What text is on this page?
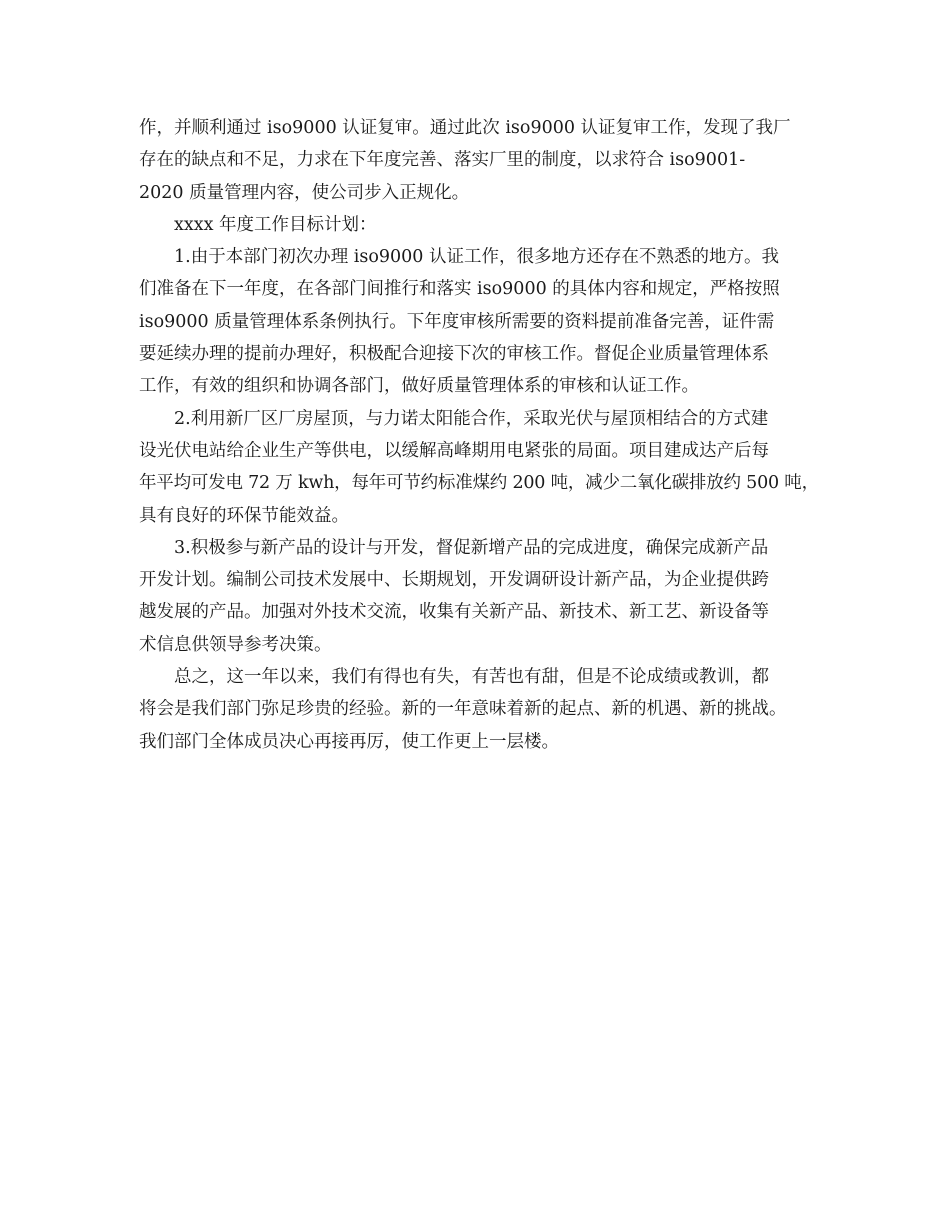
作，并顺利通过 iso9000 认证复审。通过此次 iso9000 认证复审工作，发现了我厂
存在的缺点和不足，力求在下年度完善、落实厂里的制度，以求符合 iso9001-
2020 质量管理内容，使公司步入正规化。

xxxx 年度工作目标计划：

1.由于本部门初次办理 iso9000 认证工作，很多地方还存在不熟悉的地方。我
们准备在下一年度，在各部门间推行和落实 iso9000 的具体内容和规定，严格按照
iso9000 质量管理体系条例执行。下年度审核所需要的资料提前准备完善，证件需
要延续办理的提前办理好，积极配合迎接下次的审核工作。督促企业质量管理体系
工作，有效的组织和协调各部门，做好质量管理体系的审核和认证工作。

2.利用新厂区厂房屋顶，与力诺太阳能合作，采取光伏与屋顶相结合的方式建
设光伏电站给企业生产等供电，以缓解高峰期用电紧张的局面。项目建成达产后每
年平均可发电 72 万 kwh，每年可节约标准煤约 200 吨，减少二氧化碳排放约 500 吨，
具有良好的环保节能效益。

3.积极参与新产品的设计与开发，督促新增产品的完成进度，确保完成新产品
开发计划。编制公司技术发展中、长期规划，开发调研设计新产品，为企业提供跨
越发展的产品。加强对外技术交流，收集有关新产品、新技术、新工艺、新设备等
术信息供领导参考决策。

总之，这一年以来，我们有得也有失，有苦也有甜，但是不论成绩或教训，都
将会是我们部门弥足珍贵的经验。新的一年意味着新的起点、新的机遇、新的挑战。
我们部门全体成员决心再接再厉，使工作更上一层楼。
